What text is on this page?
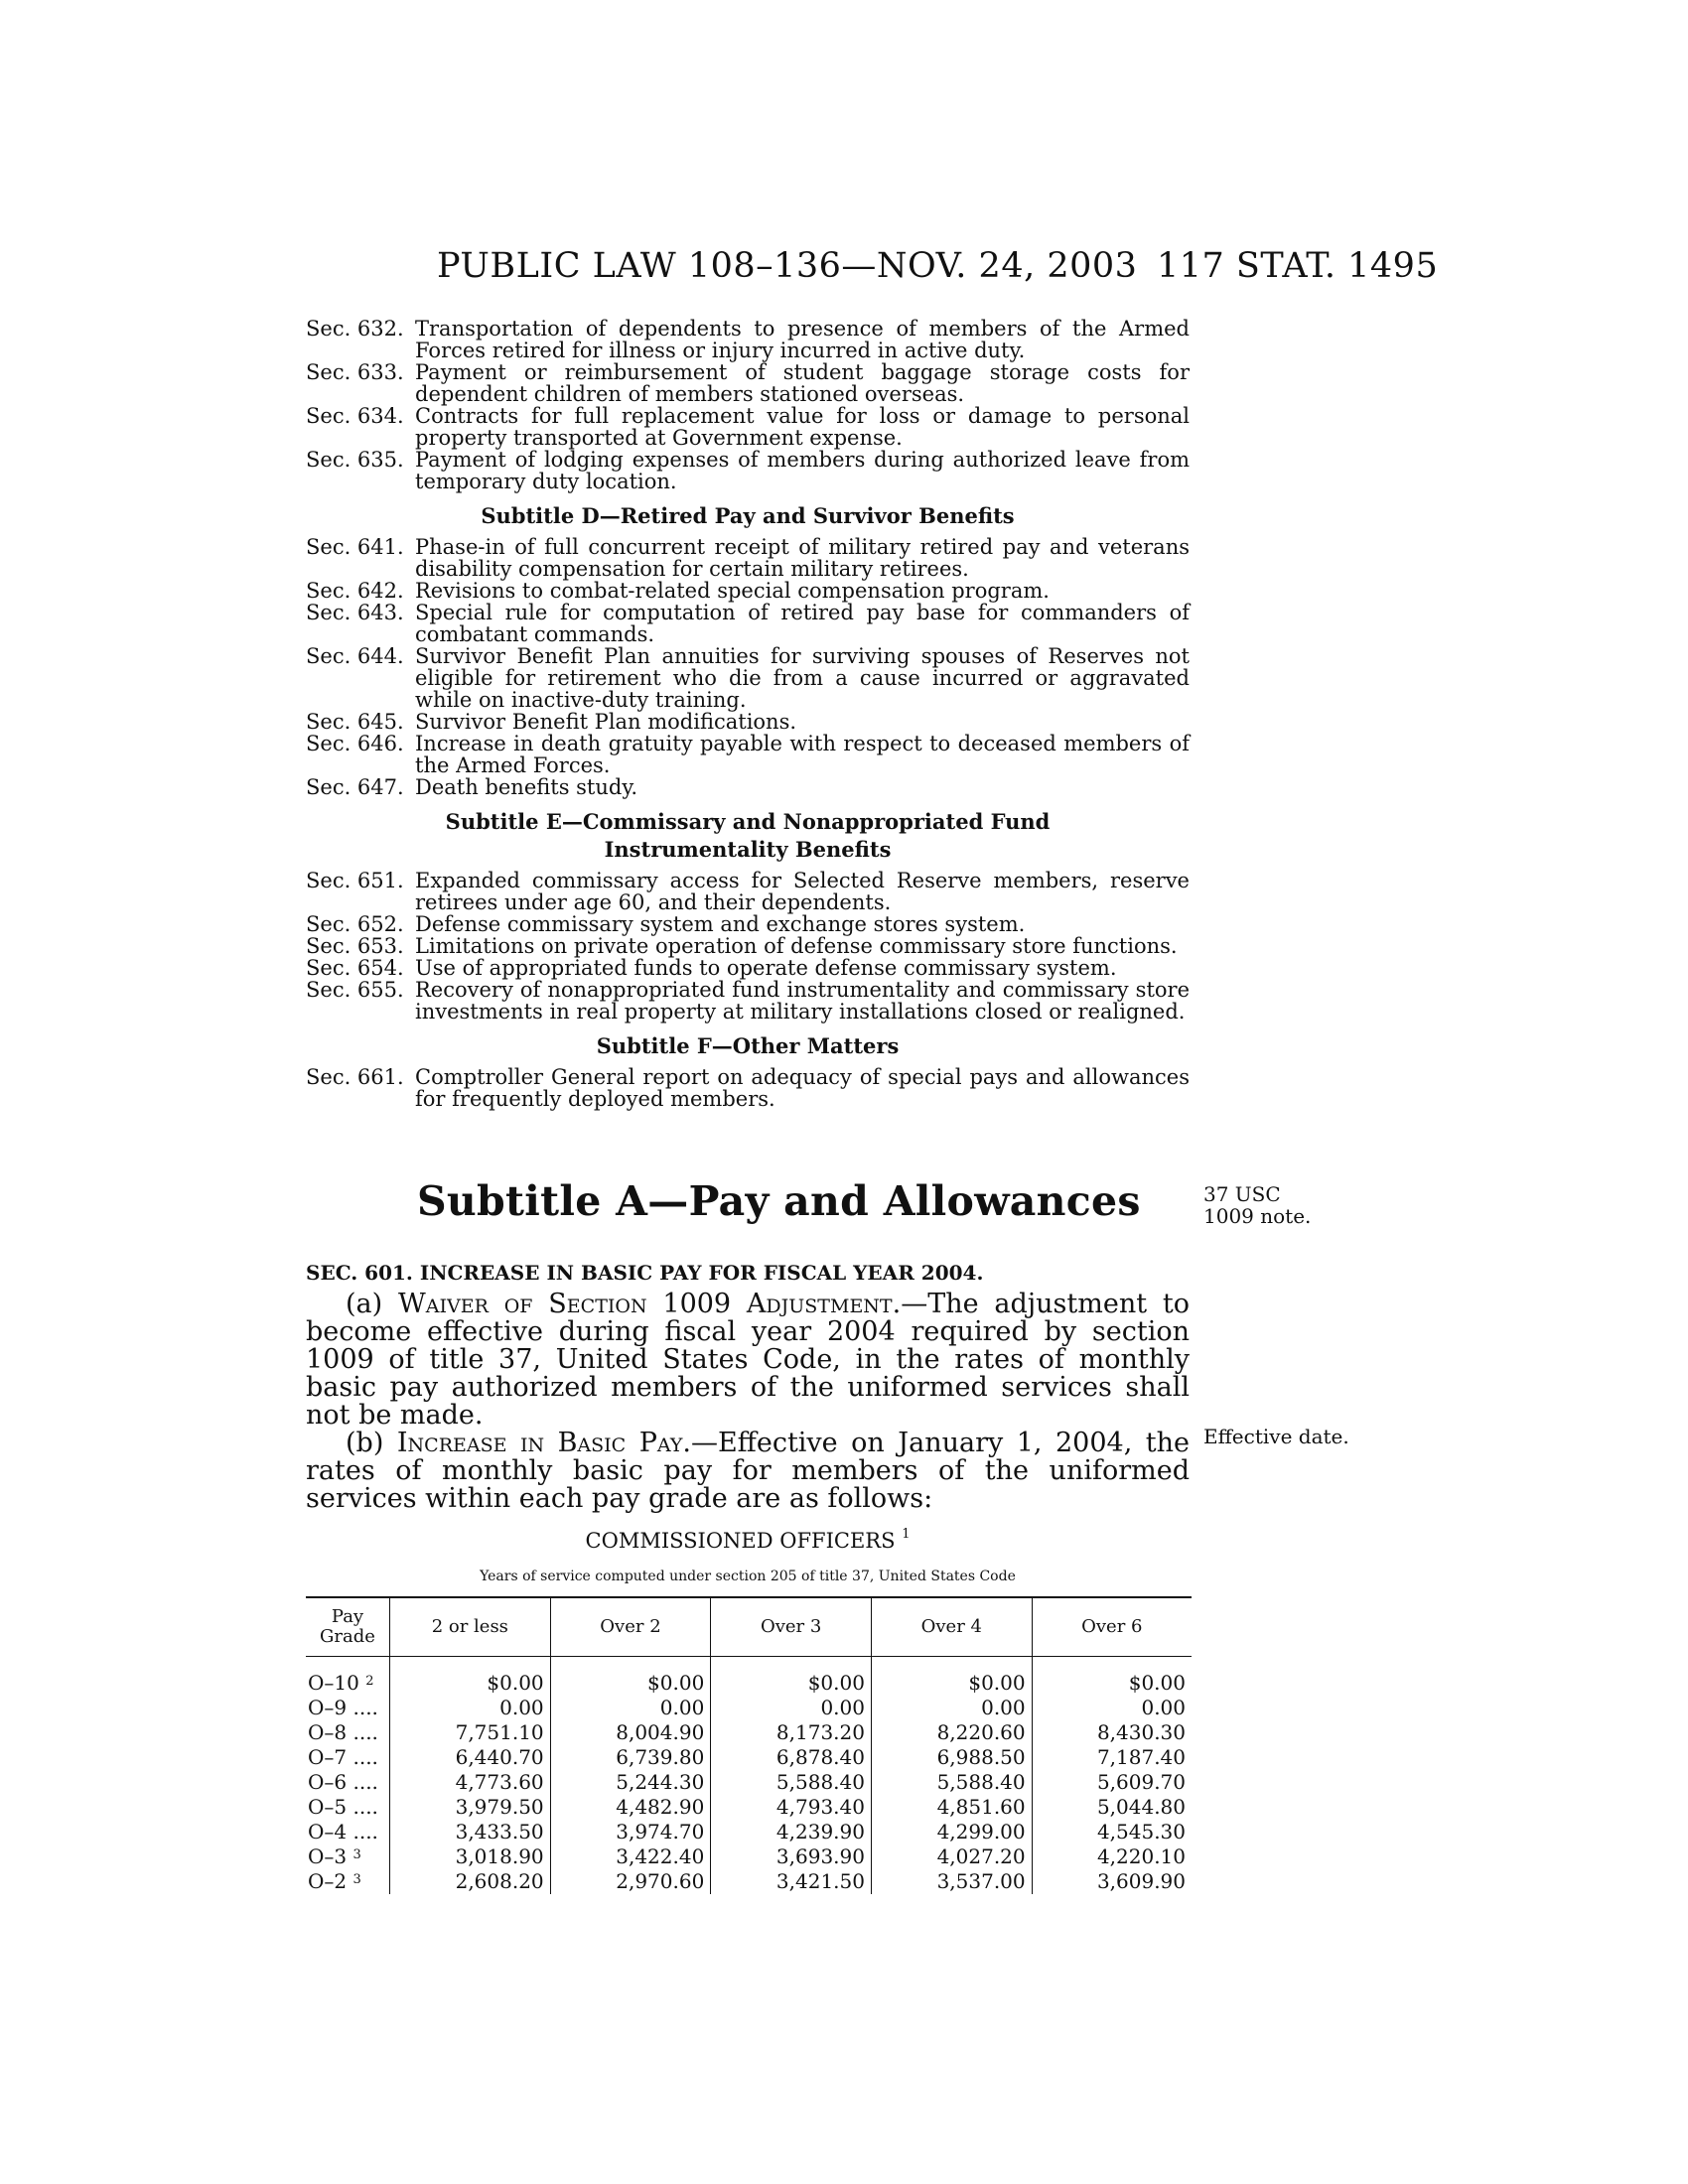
PUBLIC LAW 108–136—NOV. 24, 2003 117 STAT. 1495
Sec. 632. Transportation of dependents to presence of members of the Armed Forces retired for illness or injury incurred in active duty.
Sec. 633. Payment or reimbursement of student baggage storage costs for dependent children of members stationed overseas.
Sec. 634. Contracts for full replacement value for loss or damage to personal property transported at Government expense.
Sec. 635. Payment of lodging expenses of members during authorized leave from temporary duty location.
Subtitle D—Retired Pay and Survivor Benefits
Sec. 641. Phase-in of full concurrent receipt of military retired pay and veterans disability compensation for certain military retirees.
Sec. 642. Revisions to combat-related special compensation program.
Sec. 643. Special rule for computation of retired pay base for commanders of combatant commands.
Sec. 644. Survivor Benefit Plan annuities for surviving spouses of Reserves not eligible for retirement who die from a cause incurred or aggravated while on inactive-duty training.
Sec. 645. Survivor Benefit Plan modifications.
Sec. 646. Increase in death gratuity payable with respect to deceased members of the Armed Forces.
Sec. 647. Death benefits study.
Subtitle E—Commissary and Nonappropriated Fund Instrumentality Benefits
Sec. 651. Expanded commissary access for Selected Reserve members, reserve retirees under age 60, and their dependents.
Sec. 652. Defense commissary system and exchange stores system.
Sec. 653. Limitations on private operation of defense commissary store functions.
Sec. 654. Use of appropriated funds to operate defense commissary system.
Sec. 655. Recovery of nonappropriated fund instrumentality and commissary store investments in real property at military installations closed or realigned.
Subtitle F—Other Matters
Sec. 661. Comptroller General report on adequacy of special pays and allowances for frequently deployed members.
Subtitle A—Pay and Allowances	37 USC 1009 note.
SEC. 601. INCREASE IN BASIC PAY FOR FISCAL YEAR 2004.

(a) Waiver of Section 1009 Adjustment.—The adjustment to become effective during fiscal year 2004 required by section 1009 of title 37, United States Code, in the rates of monthly basic pay authorized members of the uniformed services shall not be made.

(b) Increase in Basic Pay.—Effective on January 1, 2004, the rates of monthly basic pay for members of the uniformed services within each pay grade are as follows:

Effective date.
COMMISSIONED OFFICERS $^1$
Years of service computed under section 205 of title 37, United States Code
Pay Grade	2 or less	Over 2	Over 3	Over 4	Over 6

O–10 $^2$	$0.00	$0.00	$0.00	$0.00	$0.00
O–9 ....	0.00	0.00	0.00	0.00	0.00
O–8 ....	7,751.10	8,004.90	8,173.20	8,220.60	8,430.30
O–7 ....	6,440.70	6,739.80	6,878.40	6,988.50	7,187.40
O–6 ....	4,773.60	5,244.30	5,588.40	5,588.40	5,609.70
O–5 ....	3,979.50	4,482.90	4,793.40	4,851.60	5,044.80
O–4 ....	3,433.50	3,974.70	4,239.90	4,299.00	4,545.30
O–3 $^3$	3,018.90	3,422.40	3,693.90	4,027.20	4,220.10
O–2 $^3$	2,608.20	2,970.60	3,421.50	3,537.00	3,609.90
